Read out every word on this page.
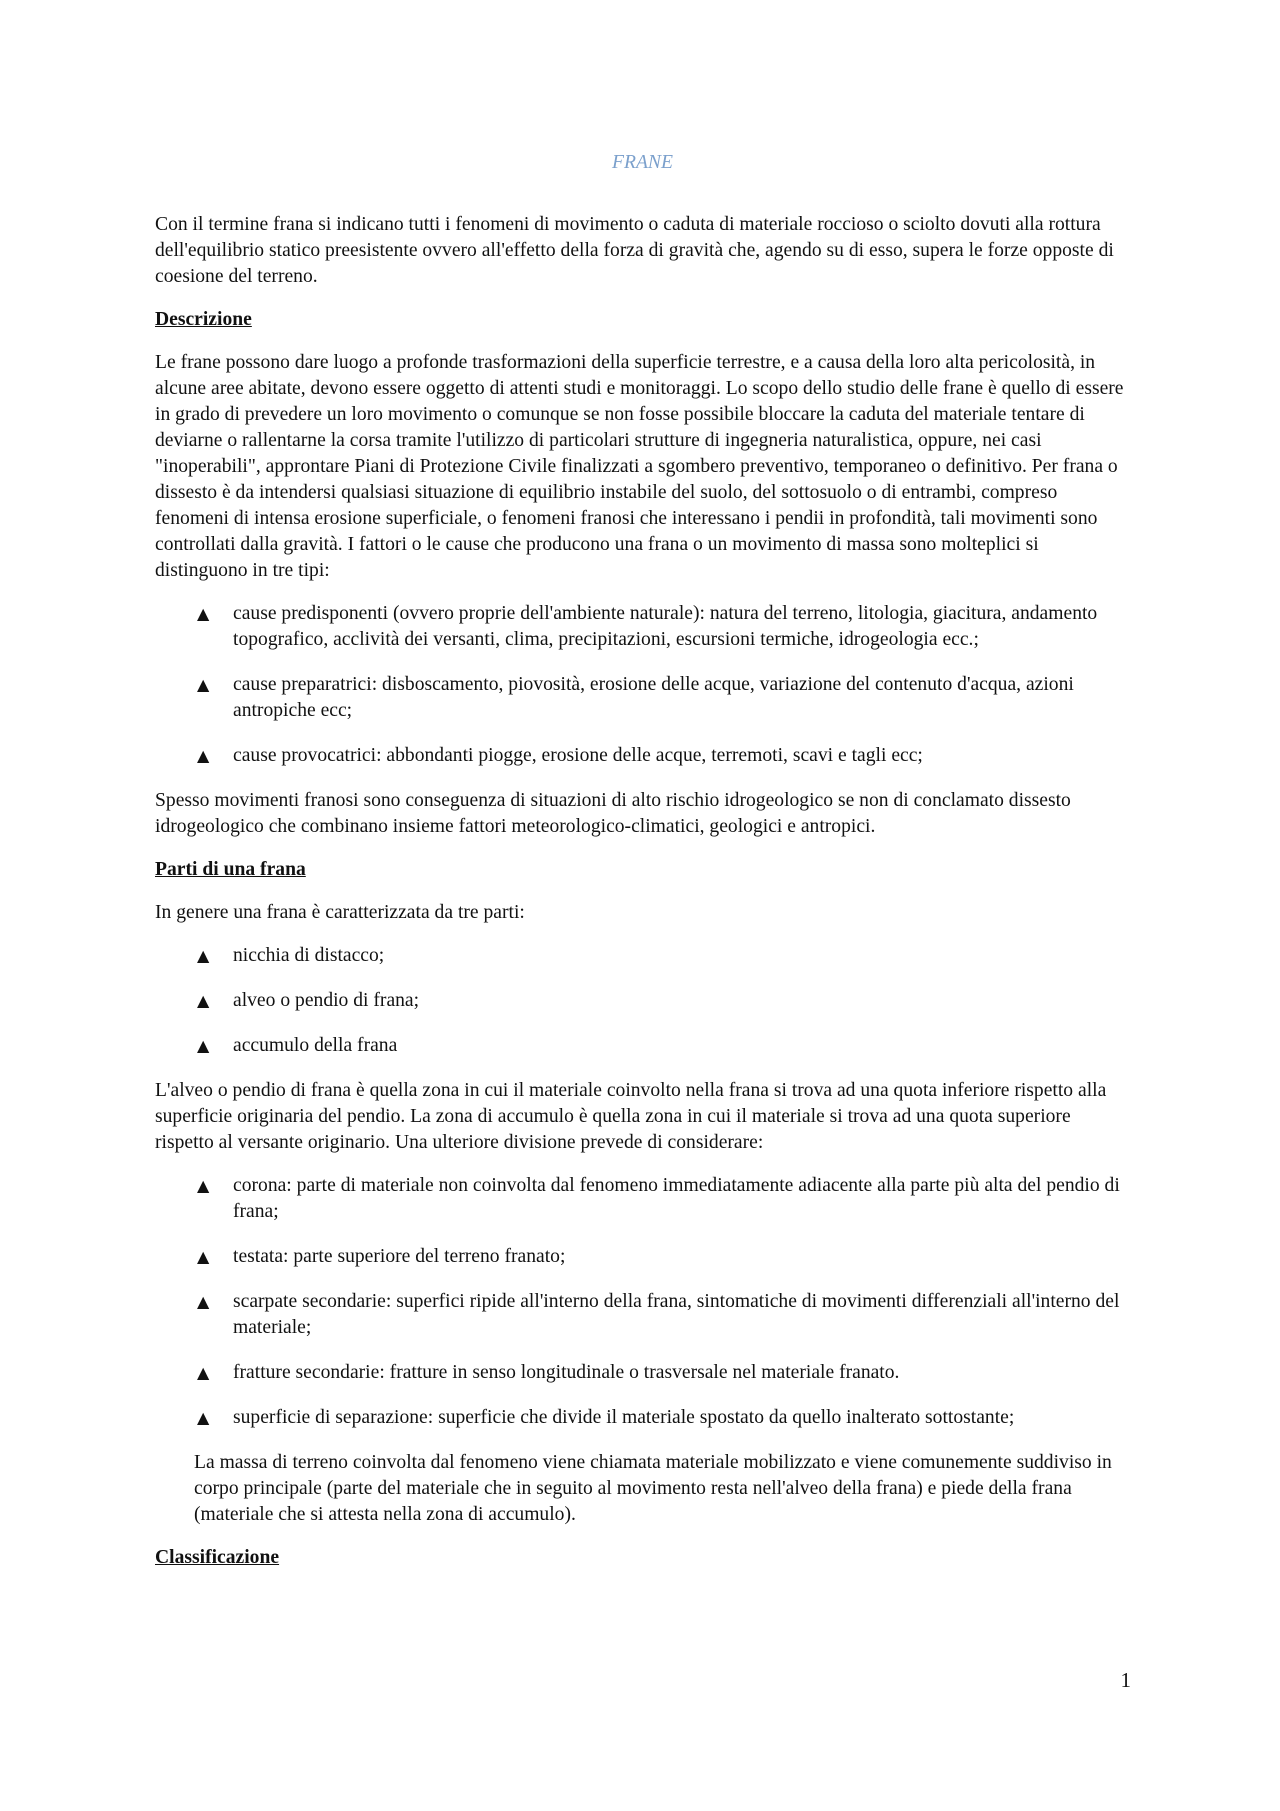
FRANE

Con il termine frana si indicano tutti i fenomeni di movimento o caduta di materiale roccioso o sciolto dovuti alla rottura dell'equilibrio statico preesistente ovvero all'effetto della forza di gravità che, agendo su di esso, supera le forze opposte di coesione del terreno.

Descrizione

Le frane possono dare luogo a profonde trasformazioni della superficie terrestre, e a causa della loro alta pericolosità, in alcune aree abitate, devono essere oggetto di attenti studi e monitoraggi. Lo scopo dello studio delle frane è quello di essere in grado di prevedere un loro movimento o comunque se non fosse possibile bloccare la caduta del materiale tentare di deviarne o rallentarne la corsa tramite l'utilizzo di particolari strutture di ingegneria naturalistica, oppure, nei casi "inoperabili", approntare Piani di Protezione Civile finalizzati a sgombero preventivo, temporaneo o definitivo. Per frana o dissesto è da intendersi qualsiasi situazione di equilibrio instabile del suolo, del sottosuolo o di entrambi, compreso fenomeni di intensa erosione superficiale, o fenomeni franosi che interessano i pendii in profondità, tali movimenti sono controllati dalla gravità. I fattori o le cause che producono una frana o un movimento di massa sono molteplici si distinguono in tre tipi:

▲ cause predisponenti (ovvero proprie dell'ambiente naturale): natura del terreno, litologia, giacitura, andamento topografico, acclività dei versanti, clima, precipitazioni, escursioni termiche, idrogeologia ecc.;
▲ cause preparatrici: disboscamento, piovosità, erosione delle acque, variazione del contenuto d'acqua, azioni antropiche ecc;
▲ cause provocatrici: abbondanti piogge, erosione delle acque, terremoti, scavi e tagli ecc;

Spesso movimenti franosi sono conseguenza di situazioni di alto rischio idrogeologico se non di conclamato dissesto idrogeologico che combinano insieme fattori meteorologico-climatici, geologici e antropici.

Parti di una frana

In genere una frana è caratterizzata da tre parti:

▲ nicchia di distacco;
▲ alveo o pendio di frana;
▲ accumulo della frana

L'alveo o pendio di frana è quella zona in cui il materiale coinvolto nella frana si trova ad una quota inferiore rispetto alla superficie originaria del pendio. La zona di accumulo è quella zona in cui il materiale si trova ad una quota superiore rispetto al versante originario. Una ulteriore divisione prevede di considerare:

▲ corona: parte di materiale non coinvolta dal fenomeno immediatamente adiacente alla parte più alta del pendio di frana;
▲ testata: parte superiore del terreno franato;
▲ scarpate secondarie: superfici ripide all'interno della frana, sintomatiche di movimenti differenziali all'interno del materiale;
▲ fratture secondarie: fratture in senso longitudinale o trasversale nel materiale franato.
▲ superficie di separazione: superficie che divide il materiale spostato da quello inalterato sottostante;

La massa di terreno coinvolta dal fenomeno viene chiamata materiale mobilizzato e viene comunemente suddiviso in corpo principale (parte del materiale che in seguito al movimento resta nell'alveo della frana) e piede della frana (materiale che si attesta nella zona di accumulo).

Classificazione
1
